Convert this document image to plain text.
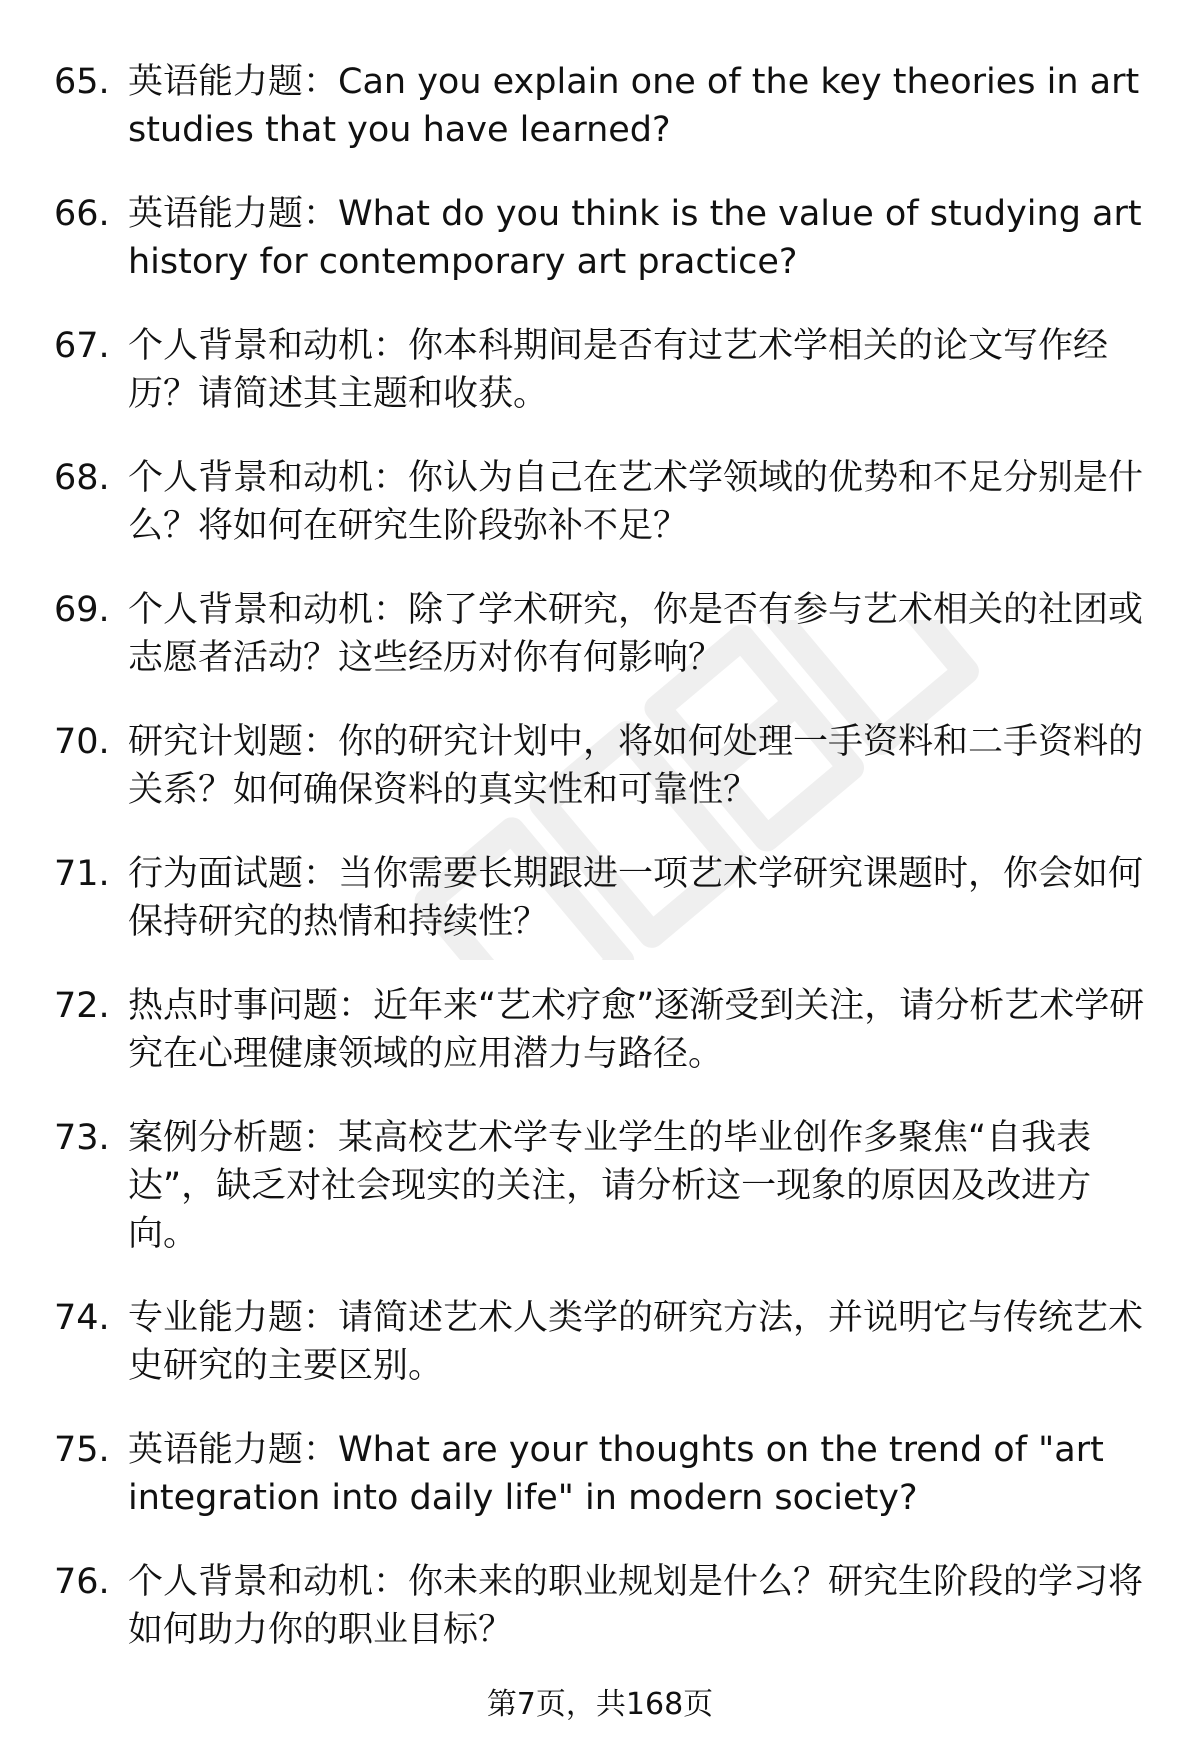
65. 英语能力题：Can you explain one of the key theories in art studies that you have learned?
66. 英语能力题：What do you think is the value of studying art history for contemporary art practice?
67. 个人背景和动机：你本科期间是否有过艺术学相关的论文写作经历？请简述其主题和收获。
68. 个人背景和动机：你认为自己在艺术学领域的优势和不足分别是什么？将如何在研究生阶段弥补不足？
69. 个人背景和动机：除了学术研究，你是否有参与艺术相关的社团或志愿者活动？这些经历对你有何影响？
70. 研究计划题：你的研究计划中，将如何处理一手资料和二手资料的关系？如何确保资料的真实性和可靠性？
71. 行为面试题：当你需要长期跟进一项艺术学研究课题时，你会如何保持研究的热情和持续性？
72. 热点时事问题：近年来“艺术疗愈”逐渐受到关注，请分析艺术学研究在心理健康领域的应用潜力与路径。
73. 案例分析题：某高校艺术学专业学生的毕业创作多聚焦“自我表达”，缺乏对社会现实的关注，请分析这一现象的原因及改进方向。
74. 专业能力题：请简述艺术人类学的研究方法，并说明它与传统艺术史研究的主要区别。
75. 英语能力题：What are your thoughts on the trend of "art integration into daily life" in modern society?
76. 个人背景和动机：你未来的职业规划是什么？研究生阶段的学习将如何助力你的职业目标？
第7页，共168页
